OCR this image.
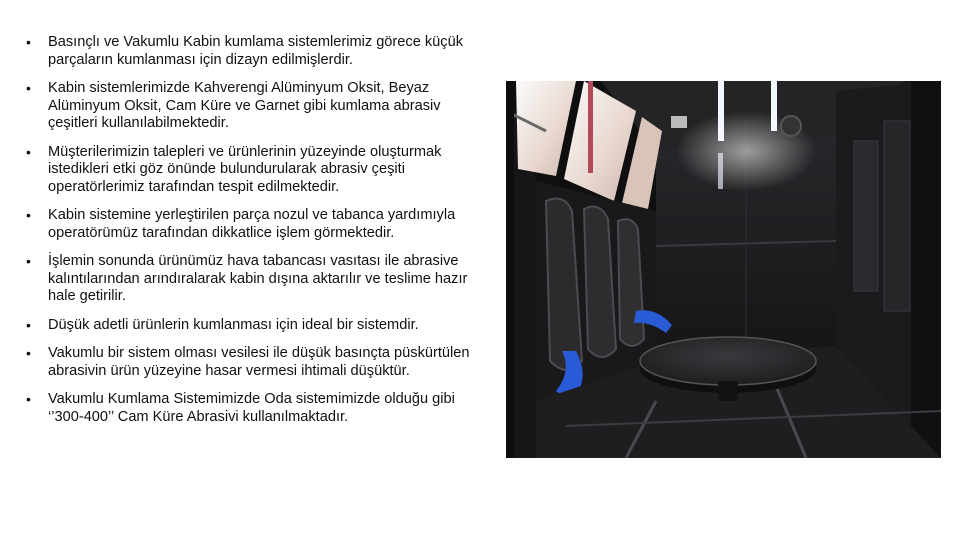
• Basınçlı ve Vakumlu Kabin kumlama sistemlerimiz görece küçük parçaların kumlanması için dizayn edilmişlerdir.
• Kabin sistemlerimizde Kahverengi Alüminyum Oksit, Beyaz Alüminyum Oksit, Cam Küre ve Garnet gibi kumlama abrasiv çeşitleri kullanılabilmektedir.
• Müşterilerimizin talepleri ve ürünlerinin yüzeyinde oluşturmak istedikleri etki göz önünde bulundurularak abrasiv çeşiti operatörlerimiz tarafından tespit edilmektedir.
• Kabin sistemine yerleştirilen parça nozul ve tabanca yardımıyla operatörümüz tarafından dikkatlice işlem görmektedir.
• İşlemin sonunda ürünümüz hava tabancası vasıtası ile abrasive kalıntılarından arındıralarak kabin dışına aktarılır ve teslime hazır hale getirilir.
• Düşük adetli ürünlerin kumlanması için ideal bir sistemdir.
• Vakumlu bir sistem olması vesilesi ile düşük basınçta püskürtülen abrasivin ürün yüzeyine hasar vermesi ihtimali düşüktür.
• Vakumlu Kumlama Sistemimizde Oda sistemimizde olduğu gibi ‘’300-400’’ Cam Küre Abrasivi kullanılmaktadır.
